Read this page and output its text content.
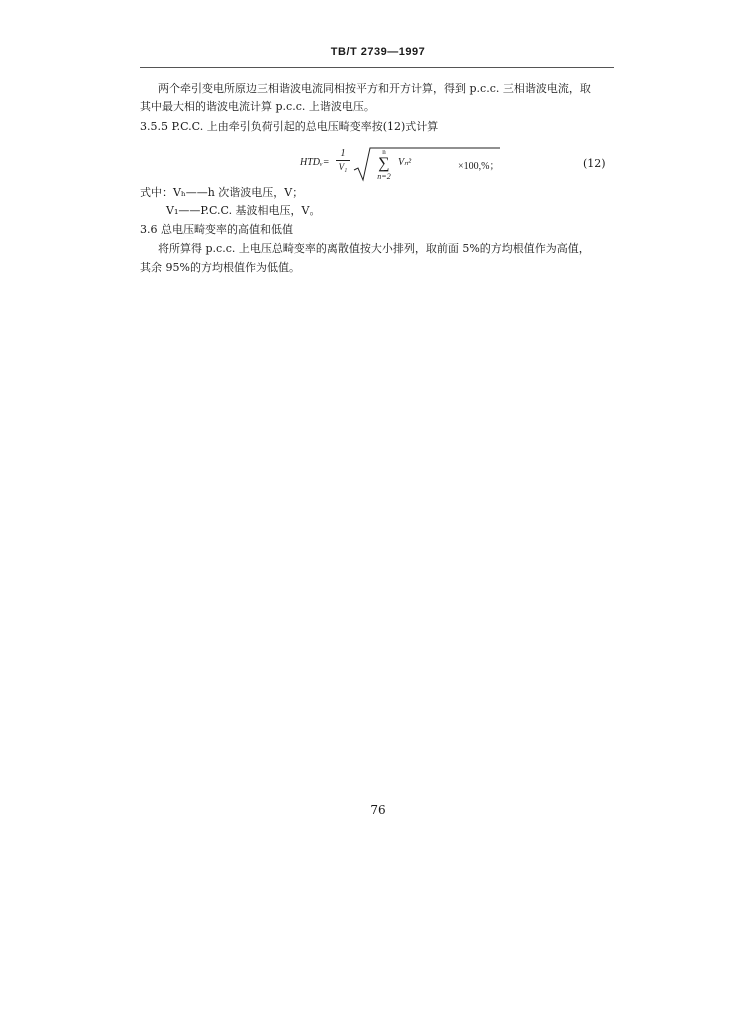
TB/T 2739—1997
两个牵引变电所原边三相谐波电流同相按平方和开方计算，得到 p.c.c. 三相谐波电流，取
其中最大相的谐波电流计算 p.c.c. 上谐波电压。
3.5.5 P.C.C. 上由牵引负荷引起的总电压畸变率按(12)式计算
HTDᵥ= $\frac{1}{\text{V₁}}$	n
∑
n=2
Vₙ²	×100,%；	(12)
式中：Vₕ——h 次谐波电压，V；
V₁——P.C.C. 基波相电压，V。
3.6 总电压畸变率的高值和低值
将所算得 p.c.c. 上电压总畸变率的离散值按大小排列，取前面 5%的方均根值作为高值，
其余 95%的方均根值作为低值。
76
